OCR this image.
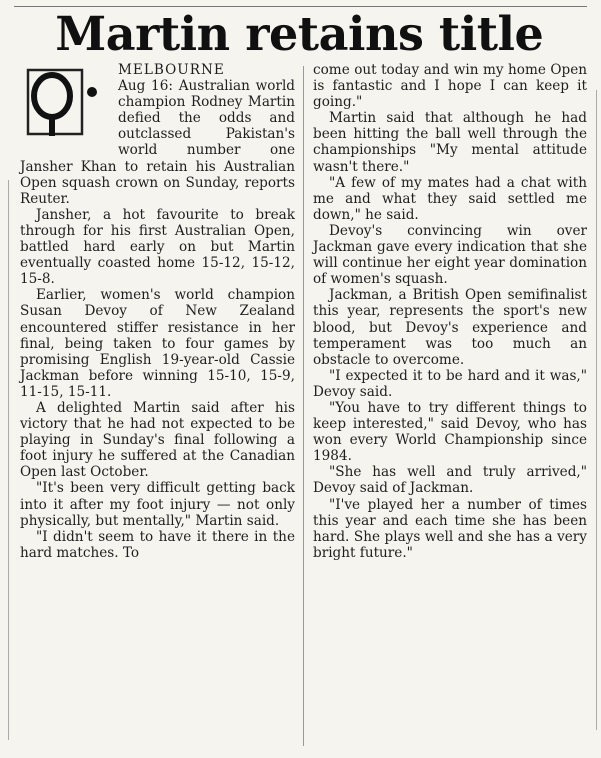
Martin retains title

MELBOURNE

Aug 16: Australian world champion Rodney Martin defied the odds and outclassed Pakistan's world number one Jansher Khan to retain his Australian Open squash crown on Sunday, reports Reuter.

Jansher, a hot favourite to break through for his first Australian Open, battled hard early on but Martin eventually coasted home 15-12, 15-12, 15-8.

Earlier, women's world champion Susan Devoy of New Zealand encountered stiffer resistance in her final, being taken to four games by promising English 19-year-old Cassie Jackman before winning 15-10, 15-9, 11-15, 15-11.

A delighted Martin said after his victory that he had not expected to be playing in Sunday's final following a foot injury he suffered at the Canadian Open last October.

"It's been very difficult getting back into it after my foot injury — not only physically, but mentally," Martin said.

"I didn't seem to have it there in the hard matches. To

come out today and win my home Open is fantastic and I hope I can keep it going."

Martin said that although he had been hitting the ball well through the championships "My mental attitude wasn't there."

"A few of my mates had a chat with me and what they said settled me down," he said.

Devoy's convincing win over Jackman gave every indication that she will continue her eight year domination of women's squash.

Jackman, a British Open semifinalist this year, represents the sport's new blood, but Devoy's experience and temperament was too much an obstacle to overcome.

"I expected it to be hard and it was," Devoy said.

"You have to try different things to keep interested," said Devoy, who has won every World Championship since 1984.

"She has well and truly arrived," Devoy said of Jackman.

"I've played her a number of times this year and each time she has been hard. She plays well and she has a very bright future."
